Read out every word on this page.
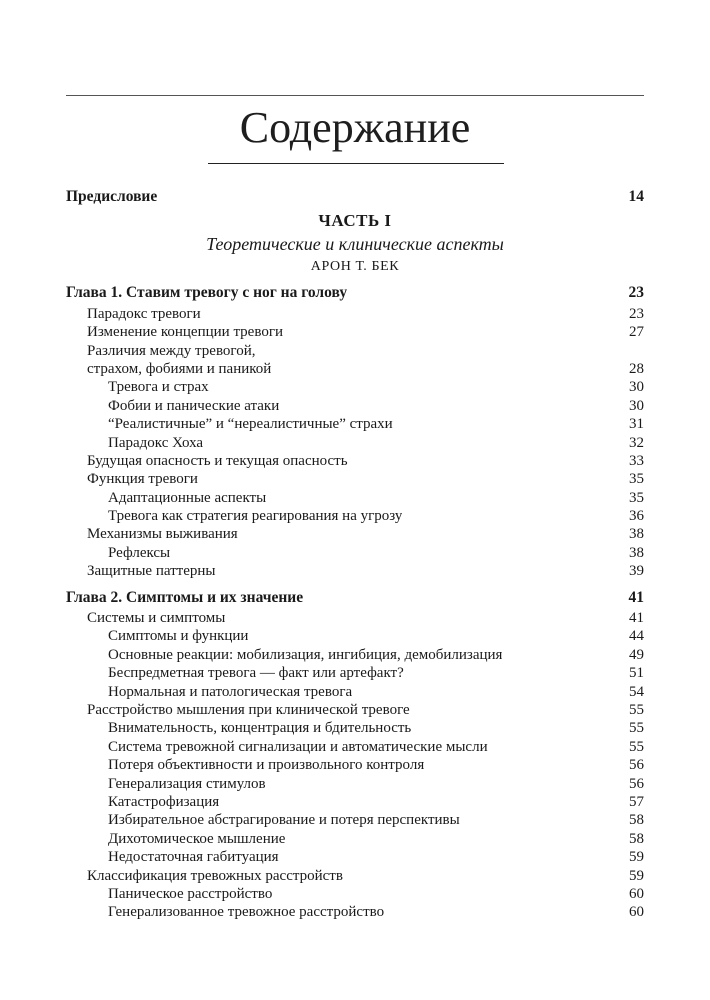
Содержание
Предисловие	14
ЧАСТЬ I
Теоретические и клинические аспекты
АРОН Т. БЕК
Глава 1. Ставим тревогу с ног на голову	23
Парадокс тревоги	23
Изменение концепции тревоги	27
Различия между тревогой,
страхом, фобиями и паникой	28
Тревога и страх	30
Фобии и панические атаки	30
“Реалистичные” и “нереалистичные” страхи	31
Парадокс Хоха	32
Будущая опасность и текущая опасность	33
Функция тревоги	35
Адаптационные аспекты	35
Тревога как стратегия реагирования на угрозу	36
Механизмы выживания	38
Рефлексы	38
Защитные паттерны	39
Глава 2. Симптомы и их значение	41
Системы и симптомы	41
Симптомы и функции	44
Основные реакции: мобилизация, ингибиция, демобилизация	49
Беспредметная тревога — факт или артефакт?	51
Нормальная и патологическая тревога	54
Расстройство мышления при клинической тревоге	55
Внимательность, концентрация и бдительность	55
Система тревожной сигнализации и автоматические мысли	55
Потеря объективности и произвольного контроля	56
Генерализация стимулов	56
Катастрофизация	57
Избирательное абстрагирование и потеря перспективы	58
Дихотомическое мышление	58
Недостаточная габитуация	59
Классификация тревожных расстройств	59
Паническое расстройство	60
Генерализованное тревожное расстройство	60
